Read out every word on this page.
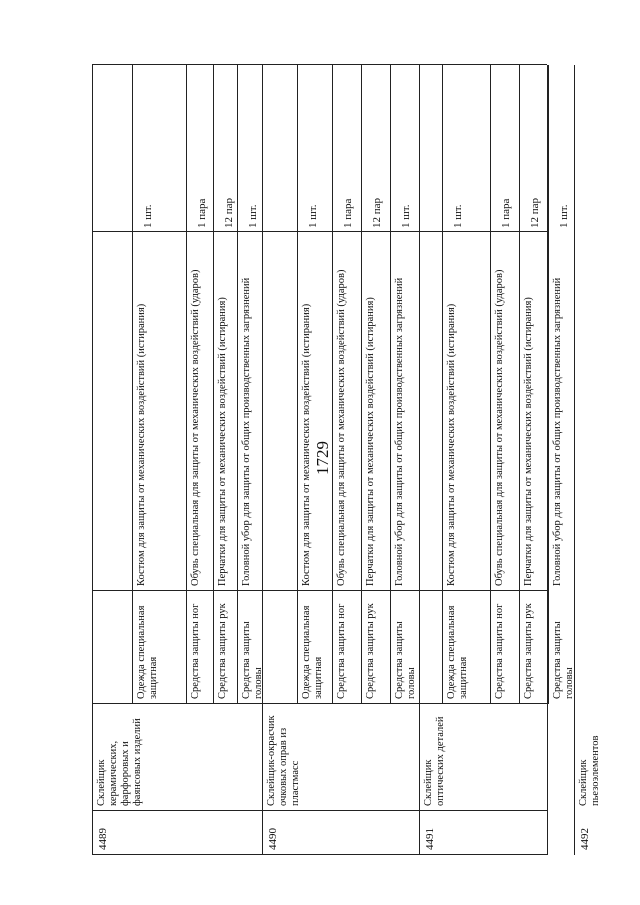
1729
4489
Склейщик керамических, фарфоровых и фаянсовых изделий
Одежда специальная защитная
Костюм для защиты от механических воздействий (истирания)
1 шт.
Средства защиты ног
Обувь специальная для защиты от механических воздействий (ударов)
1 пара
Средства защиты рук
Перчатки для защиты от механических воздействий (истирания)
12 пар
Средства защиты головы
Головной убор для защиты от общих производственных загрязнений
1 шт.
4490
Склейщик-окрасчик очковых оправ из пластмасс
Одежда специальная защитная
Костюм для защиты от механических воздействий (истирания)
1 шт.
Средства защиты ног
Обувь специальная для защиты от механических воздействий (ударов)
1 пара
Средства защиты рук
Перчатки для защиты от механических воздействий (истирания)
12 пар
Средства защиты головы
Головной убор для защиты от общих производственных загрязнений
1 шт.
4491
Склейщик оптических деталей
Одежда специальная защитная
Костюм для защиты от механических воздействий (истирания)
1 шт.
Средства защиты ног
Обувь специальная для защиты от механических воздействий (ударов)
1 пара
Средства защиты рук
Перчатки для защиты от механических воздействий (истирания)
12 пар
Средства защиты головы
Головной убор для защиты от общих производственных загрязнений
1 шт.
4492
Склейщик пьезоэлементов
